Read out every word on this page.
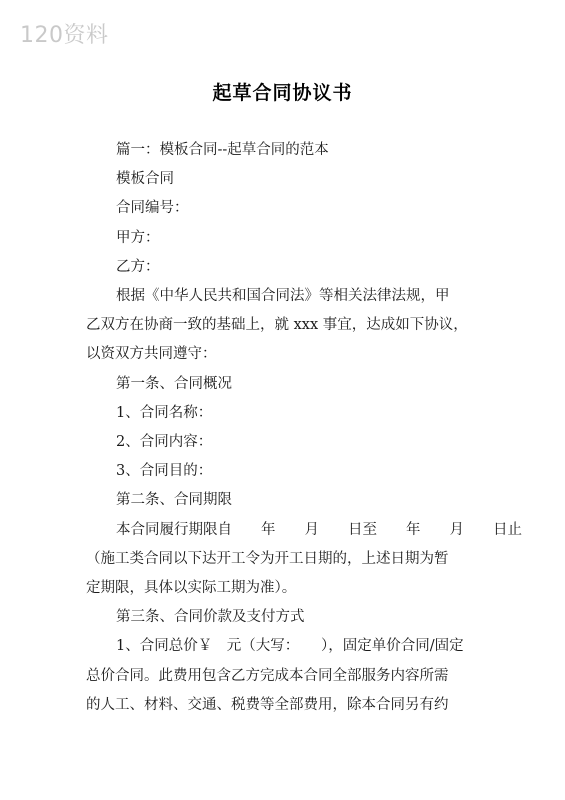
120资料
起草合同协议书

篇一：模板合同--起草合同的范本

模板合同

合同编号：

甲方：

乙方：

根据《中华人民共和国合同法》等相关法律法规，甲

乙双方在协商一致的基础上，就 xxx 事宜，达成如下协议，

以资双方共同遵守：

第一条、合同概况

1、合同名称：

2、合同内容：

3、合同目的：

第二条、合同期限

本合同履行期限自　　年　　月　　日至　　年　　月　　日止

（施工类合同以下达开工令为开工日期的，上述日期为暂

定期限，具体以实际工期为准）。

第三条、合同价款及支付方式

1、合同总价￥　元（大写：　　），固定单价合同/固定

总价合同。此费用包含乙方完成本合同全部服务内容所需

的人工、材料、交通、税费等全部费用，除本合同另有约
